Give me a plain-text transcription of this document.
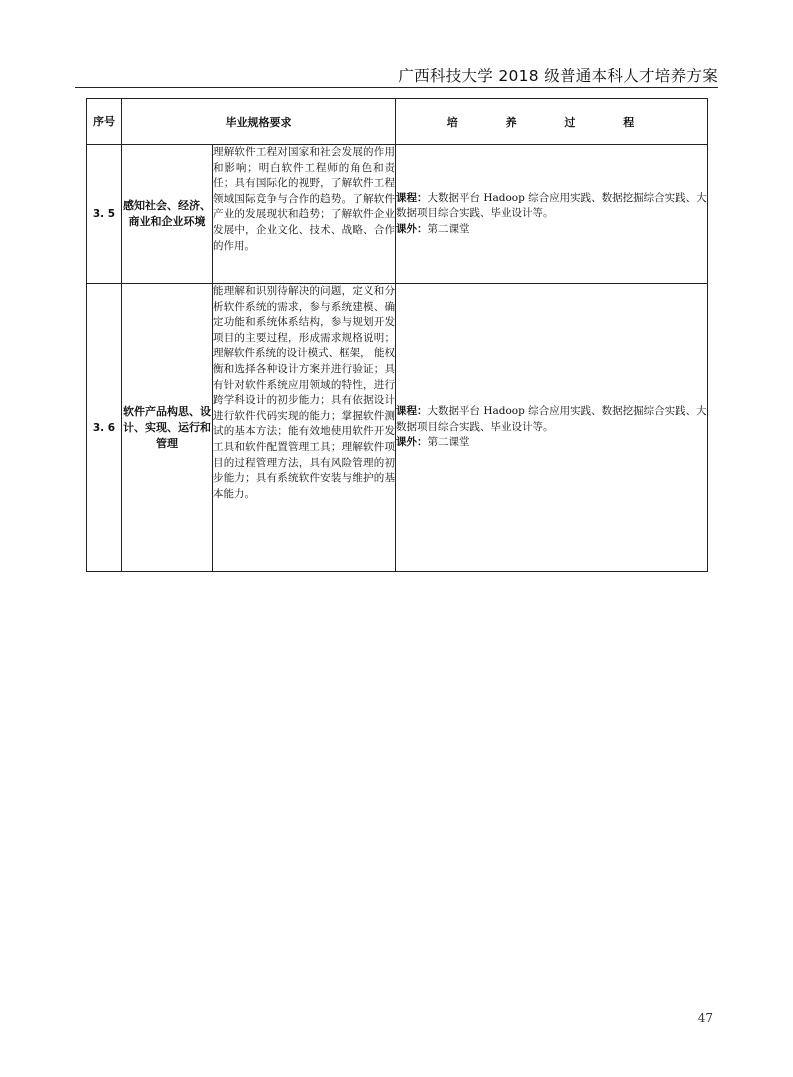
广西科技大学 2018 级普通本科人才培养方案
序号	毕业规格要求		培 养 过 程
3. 5	感知社会、经济、商业和企业环境	理解软件工程对国家和社会发展的作用和影响；明白软件工程师的角色和责任；具有国际化的视野，了解软件工程领域国际竞争与合作的趋势。了解软件产业的发展现状和趋势；了解软件企业发展中，企业文化、技术、战略、合作的作用。	课程：大数据平台 Hadoop 综合应用实践、数据挖掘综合实践、大数据项目综合实践、毕业设计等。
课外：第二课堂
3. 6	软件产品构思、设计、实现、运行和管理	能理解和识别待解决的问题，定义和分析软件系统的需求，参与系统建模、确定功能和系统体系结构，参与规划开发项目的主要过程，形成需求规格说明；理解软件系统的设计模式、框架， 能权衡和选择各种设计方案并进行验证；具有针对软件系统应用领域的特性，进行跨学科设计的初步能力；具有依据设计进行软件代码实现的能力；掌握软件测试的基本方法；能有效地使用软件开发工具和软件配置管理工具；理解软件项目的过程管理方法，具有风险管理的初步能力；具有系统软件安装与维护的基本能力。	课程：大数据平台 Hadoop 综合应用实践、数据挖掘综合实践、大数据项目综合实践、毕业设计等。
课外：第二课堂
47
